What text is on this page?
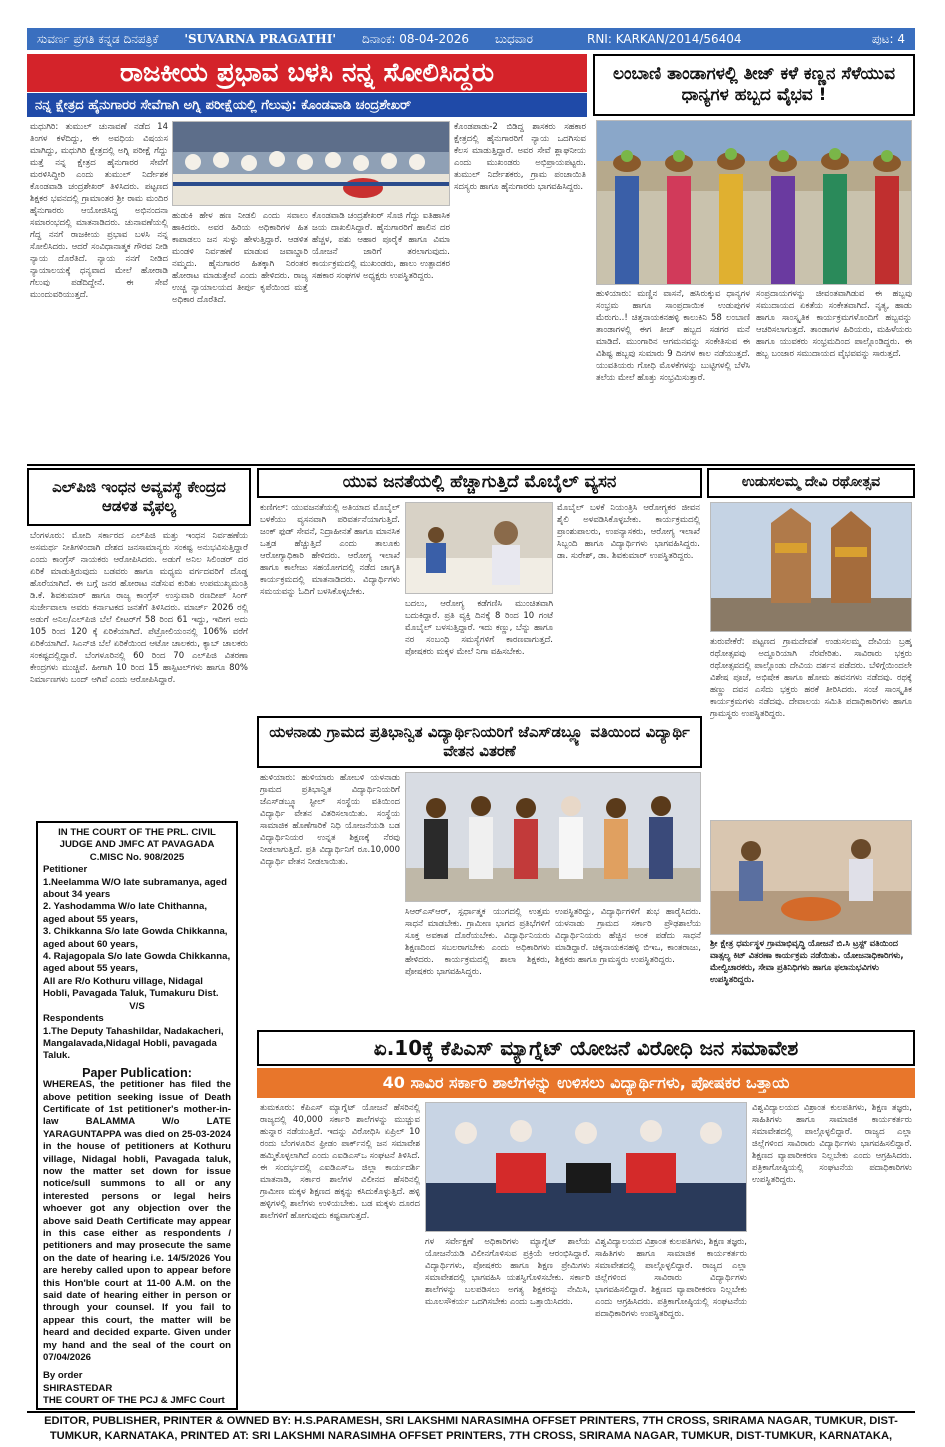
ಸುವರ್ಣ ಪ್ರಗತಿ ಕನ್ನಡ ದಿನಪತ್ರಿಕೆ 'SUVARNA PRAGATHI' ದಿನಾಂಕ: 08-04-2026 ಬುಧವಾರ	RNI: KARKAN/2014/56404	ಪುಟ: 4
ರಾಜಕೀಯ ಪ್ರಭಾವ ಬಳಸಿ ನನ್ನ ಸೋಲಿಸಿದ್ದರು
ನನ್ನ ಕ್ಷೇತ್ರದ ಹೈನುಗಾರರ ಸೇವೆಗಾಗಿ ಅಗ್ನಿ ಪರೀಕ್ಷೆಯಲ್ಲಿ ಗೆಲುವು: ಕೊಂಡವಾಡಿ ಚಂದ್ರಶೇಖರ್
ಮಧುಗಿರಿ: ತುಮುಲ್ ಚುನಾವಣೆ ನಡೆದ 14 ತಿಂಗಳ ಕಳೆದಿದ್ದು, ಈ ಅವಧಿಯ ವಿಷಯಸ ಮಾಗಿದ್ದು, ಮಧುಗಿರಿ ಕ್ಷೇತ್ರದಲ್ಲಿ ಅಗ್ನಿ ಪರೀಕ್ಷೆ ಗೆದ್ದು ಮತ್ತೆ ನನ್ನ ಕ್ಷೇತ್ರದ ಹೈನುಗಾರರ ಸೇವೆಗೆ ಮರಳಿಸಿದ್ದೀರಿ ಎಂದು ತುಮುಲ್ ನಿರ್ದೇಶಕ ಕೊಂಡವಾಡಿ ಚಂದ್ರಶೇಖರ್ ತಿಳಿಸಿದರು. ಪಟ್ಟಣದ ಶಿಕ್ಷಕರ ಭವನದಲ್ಲಿ ಗ್ರಾಮಾಂತರ ಶ್ರೀ ರಾಮ ಮಂದಿರ ಹೈನುಗಾರರು ಆಯೋಜಿಸಿದ್ದ ಅಭಿನಂದನಾ ಸಮಾರಂಭದಲ್ಲಿ ಮಾತನಾಡಿದರು. ಚುನಾವಣೆಯಲ್ಲಿ ಗೆದ್ದ ನನಗೆ ರಾಜಕೀಯ ಪ್ರಭಾವ ಬಳಸಿ ನನ್ನ ಸೋಲಿಸಿದರು. ಆದರೆ ಸಂವಿಧಾನಾತ್ಮಕ ಗೌರವ ನೀಡಿ ನ್ಯಾಯ ದೊರೆತಿದೆ. ನ್ಯಾಯ ನನಗೆ ನೀಡಿದ ನ್ಯಾಯಾಲಯಕ್ಕೆ ಧನ್ಯವಾದ ಮೇಲೆ ಹೋರಾಡಿ ಗೆಲುವು ಪಡೆದಿದ್ದೇನೆ. ಈ ಸೇವೆ ಮುಂದುವರಿಯುತ್ತದೆ.
ಹುಡುಕಿ ಹೇಳ ಹಣ ನೀಡಲಿ ಎಂದು ಸವಾಲು ಹಾಕಿದರು. ಅವರ ಹಿರಿಯ ಅಧಿಕಾರಿಗಳ ಹಿತ ಕಾಪಾಡಲು ಜನ ಸುಳ್ಳು ಹೇಳುತ್ತಿದ್ದಾರೆ. ಆಡಳಿತ ಮಂಡಳಿ ನಿರ್ವಹಣೆ ಮಾಡುವ ಜವಾಬ್ದಾರಿ ನಮ್ಮದು. ಹೈನುಗಾರರ ಹಿತಕ್ಕಾಗಿ ನಿರಂತರ ಹೋರಾಟ ಮಾಡುತ್ತೇವೆ ಎಂದು ಹೇಳಿದರು. ರಾಜ್ಯ ಉಚ್ಚ ನ್ಯಾಯಾಲಯದ ತೀರ್ಪು ಕೃಪೆಯಿಂದ ಮತ್ತೆ ಅಧಿಕಾರ ದೊರೆತಿದೆ.
ಕೊಂಡವಾಡಿ ಚಂದ್ರಶೇಖರ್ ಸೊಜಿ ಗೆದ್ದು ಐತಿಹಾಸಿಕ ಜಯ ದಾಖಲಿಸಿದ್ದಾರೆ. ಹೈನುಗಾರರಿಗೆ ಹಾಲಿನ ದರ ಹೆಚ್ಚಳ, ಪಶು ಆಹಾರ ಪೂರೈಕೆ ಹಾಗೂ ವಿಮಾ ಯೋಜನೆ ಜಾರಿಗೆ ತರಲಾಗುವುದು. ಕಾರ್ಯಕ್ರಮದಲ್ಲಿ ಮುಖಂಡರು, ಹಾಲು ಉತ್ಪಾದಕರ ಸಹಕಾರ ಸಂಘಗಳ ಅಧ್ಯಕ್ಷರು ಉಪಸ್ಥಿತರಿದ್ದರು.
ಕೊಂಡಪಾಡು-2 ಬಿಡಿದ್ದ ಶಾಸಕರು ಸಹಕಾರ ಕ್ಷೇತ್ರದಲ್ಲಿ ಹೈನುಗಾರರಿಗೆ ನ್ಯಾಯ ಒದಗಿಸುವ ಕೆಲಸ ಮಾಡುತ್ತಿದ್ದಾರೆ. ಅವರ ಸೇವೆ ಶ್ಲಾಘನೀಯ ಎಂದು ಮುಖಂಡರು ಅಭಿಪ್ರಾಯಪಟ್ಟರು. ತುಮುಲ್ ನಿರ್ದೇಶಕರು, ಗ್ರಾಮ ಪಂಚಾಯಿತಿ ಸದಸ್ಯರು ಹಾಗೂ ಹೈನುಗಾರರು ಭಾಗವಹಿಸಿದ್ದರು.
ಲಂಬಾಣಿ ತಾಂಡಾಗಳಲ್ಲಿ ತೀಜ್ ಕಳೆ ಕಣ್ಣನ ಸೆಳೆಯುವ ಧಾನ್ಯಗಳ ಹಬ್ಬದ ವೈಭವ !
ಹುಳಿಯಾರು: ಮಣ್ಣಿನ ವಾಸನೆ, ಹಸಿರುಕ್ಕುವ ಧಾನ್ಯಗಳ ಸಂಭ್ರಮ ಹಾಗೂ ಸಾಂಪ್ರದಾಯಿಕ ಉಡುಪುಗಳ ಮೆರುಗು..! ಚಿತ್ತನಾಯಕನಹಳ್ಳಿ ಕಾಲುಕಿನಿ 58 ಲಂಬಾಣಿ ತಾಂಡಾಗಳಲ್ಲಿ ಈಗ ತೀಜ್ ಹಬ್ಬದ ಸಡಗರ ಮನೆ ಮಾಡಿದೆ. ಮುಂಗಾರಿನ ಆಗಮನವನ್ನು ಸಂಕೇತಿಸುವ ಈ ವಿಶಿಷ್ಟ ಹಬ್ಬವು ಸುಮಾರು 9 ದಿನಗಳ ಕಾಲ ನಡೆಯುತ್ತದೆ. ಯುವತಿಯರು ಗೋಧಿ ಮೊಳಕೆಗಳನ್ನು ಬುಟ್ಟಿಗಳಲ್ಲಿ ಬೆಳೆಸಿ ತಲೆಯ ಮೇಲೆ ಹೊತ್ತು ಸಂಭ್ರಮಿಸುತ್ತಾರೆ.
ಸಂಪ್ರದಾಯಗಳನ್ನು ಜೀವಂತವಾಗಿಡುವ ಈ ಹಬ್ಬವು ಸಮುದಾಯದ ಏಕತೆಯ ಸಂಕೇತವಾಗಿದೆ. ನೃತ್ಯ, ಹಾಡು ಹಾಗೂ ಸಾಂಸ್ಕೃತಿಕ ಕಾರ್ಯಕ್ರಮಗಳೊಂದಿಗೆ ಹಬ್ಬವನ್ನು ಆಚರಿಸಲಾಗುತ್ತದೆ. ತಾಂಡಾಗಳ ಹಿರಿಯರು, ಮಹಿಳೆಯರು ಹಾಗೂ ಯುವಕರು ಸಂಭ್ರಮದಿಂದ ಪಾಲ್ಗೊಂಡಿದ್ದರು. ಈ ಹಬ್ಬ ಬಂಜಾರ ಸಮುದಾಯದ ವೈಭವವನ್ನು ಸಾರುತ್ತದೆ.
ಎಲ್‌ಪಿಜಿ ಇಂಧನ ಅವ್ಯವಸ್ಥೆ ಕೇಂದ್ರದ ಆಡಳಿತ ವೈಫಲ್ಯ
ಬೆಂಗಳೂರು: ಮೋದಿ ಸರ್ಕಾರದ ಎಲ್‌ಪಿಜಿ ಮತ್ತು ಇಂಧನ ನಿರ್ವಹಣೆಯ ಅಸಮರ್ಥ ನೀತಿಗಳಿಂದಾಗಿ ದೇಶದ ಜನಸಾಮಾನ್ಯರು ಸಂಕಷ್ಟ ಅನುಭವಿಸುತ್ತಿದ್ದಾರೆ ಎಂದು ಕಾಂಗ್ರೆಸ್ ನಾಯಕರು ಆರೋಪಿಸಿದರು. ಅಡುಗೆ ಅನಿಲ ಸಿಲಿಂಡರ್ ದರ ಏರಿಕೆ ಮಾಡುತ್ತಿರುವುದು ಬಡವರು ಹಾಗೂ ಮಧ್ಯಮ ವರ್ಗದವರಿಗೆ ದೊಡ್ಡ ಹೊರೆಯಾಗಿದೆ. ಈ ಬಗ್ಗೆ ಜನರ ಹೋರಾಟ ನಡೆಸುವ ಕುರಿತು ಉಪಮುಖ್ಯಮಂತ್ರಿ ಡಿ.ಕೆ. ಶಿವಕುಮಾರ್ ಹಾಗೂ ರಾಜ್ಯ ಕಾಂಗ್ರೆಸ್ ಉಸ್ತುವಾರಿ ರಣದೀಪ್ ಸಿಂಗ್ ಸುರ್ಜೇವಾಲಾ ಅವರು ಕರ್ನಾಟಕದ ಜನತೆಗೆ ತಿಳಿಸಿದರು. ಮಾರ್ಚ್ 2026 ರಲ್ಲಿ ಅಡುಗೆ ಅನಿಲ/ಎಲ್‌ಪಿಜಿ ಬೆಲೆ ಲೀಟರ್‌ಗೆ 58 ರಿಂದ 61 ಇದ್ದು, ಇದೀಗ ಅದು 105 ರಿಂದ 120 ಕ್ಕೆ ಏರಿಕೆಯಾಗಿದೆ. ಪೆಟ್ರೋಲಿಯಂನಲ್ಲಿ 106% ವರೆಗೆ ಏರಿಕೆಯಾಗಿದೆ. ಸಿಎನ್‌ಜಿ ಬೆಲೆ ಏರಿಕೆಯಿಂದ ಆಟೋ ಚಾಲಕರು, ಕ್ಯಾಬ್ ಚಾಲಕರು ಸಂಕಷ್ಟದಲ್ಲಿದ್ದಾರೆ. ಬೆಂಗಳೂರಿನಲ್ಲಿ 60 ರಿಂದ 70 ಎಲ್‌ಪಿಜಿ ವಿತರಣಾ ಕೇಂದ್ರಗಳು ಮುಚ್ಚಿವೆ. ಹೀಗಾಗಿ 10 ರಿಂದ 15 ಹಾಸ್ಪಿಟಲ್‌ಗಳು ಹಾಗೂ 80% ನಿರ್ಮಾಣಗಳು ಬಂದ್ ಆಗಿವೆ ಎಂದು ಆರೋಪಿಸಿದ್ದಾರೆ.

IN THE COURT OF THE PRL. CIVIL JUDGE AND JMFC AT PAVAGADA

C.MISC No. 908/2025

Petitioner

1.Neelamma W/O late subramanya, aged about 34 years

2. Yashodamma W/o late Chithanna, aged about 55 years,

3. Chikkanna S/o late Gowda Chikkanna, aged about 60 years,

4. Rajagopala S/o late Gowda Chikkanna, aged about 55 years,

All are R/o Kothuru village, Nidagal Hobli, Pavagada Taluk, Tumakuru Dist.

V/S

Respondents

1.The Deputy Tahashildar, Nadakacheri, Mangalavada,Nidagal Hobli, pavagada Taluk.

Paper Publication:

WHEREAS, the petitioner has filed the above petition seeking issue of Death Certificate of 1st petitioner's mother-in-law BALAMMA W/o LATE YARAGUNTAPPA was died on 25-03-2024 in the house of petitioners at Kothuru village, Nidagal hobli, Pavagada taluk, now the matter set down for issue notice/sull summons to all or any interested persons or legal heirs whoever got any objection over the above said Death Certificate may appear in this case either as respondents / petitioners and may prosecute the same on the date of hearing i.e. 14/5/2026 You are hereby called upon to appear before this Hon'ble court at 11-00 A.M. on the said date of hearing either in person or through your counsel. If you fail to appear this court, the matter will be heard and decided exparte. Given under my hand and the seal of the court on 07/04/2026

By order

SHIRASTEDAR

THE COURT OF THE PCJ & JMFC Court

ಯುವ ಜನತೆಯಲ್ಲಿ ಹೆಚ್ಚಾಗುತ್ತಿದೆ ಮೊಬೈಲ್ ವ್ಯಸನ
ಕುಣಿಗಲ್: ಯುವಜನತೆಯಲ್ಲಿ ಅತಿಯಾದ ಮೊಬೈಲ್ ಬಳಕೆಯು ವ್ಯಸನವಾಗಿ ಪರಿವರ್ತನೆಯಾಗುತ್ತಿದೆ. ಜಂಕ್ ಫುಡ್ ಸೇವನೆ, ನಿದ್ರಾಹೀನತೆ ಹಾಗೂ ಮಾನಸಿಕ ಒತ್ತಡ ಹೆಚ್ಚುತ್ತಿದೆ ಎಂದು ತಾಲೂಕು ಆರೋಗ್ಯಾಧಿಕಾರಿ ಹೇಳಿದರು. ಆರೋಗ್ಯ ಇಲಾಖೆ ಹಾಗೂ ಕಾಲೇಜು ಸಹಯೋಗದಲ್ಲಿ ನಡೆದ ಜಾಗೃತಿ ಕಾರ್ಯಕ್ರಮದಲ್ಲಿ ಮಾತನಾಡಿದರು. ವಿದ್ಯಾರ್ಥಿಗಳು ಸಮಯವನ್ನು ಓದಿಗೆ ಬಳಸಿಕೊಳ್ಳಬೇಕು.
ಬದಲು, ಆರೋಗ್ಯ ಕಡೆಗಣಿಸಿ ಮುಂಚಿತವಾಗಿ ಬದುಕಿದ್ದಾರೆ. ಪ್ರತಿ ವ್ಯಕ್ತಿ ದಿನಕ್ಕೆ 8 ರಿಂದ 10 ಗಂಟೆ ಮೊಬೈಲ್ ಬಳಸುತ್ತಿದ್ದಾರೆ. ಇದು ಕಣ್ಣು, ಬೆನ್ನು ಹಾಗೂ ನರ ಸಂಬಂಧಿ ಸಮಸ್ಯೆಗಳಿಗೆ ಕಾರಣವಾಗುತ್ತದೆ. ಪೋಷಕರು ಮಕ್ಕಳ ಮೇಲೆ ನಿಗಾ ವಹಿಸಬೇಕು.
ಮೊಬೈಲ್ ಬಳಕೆ ನಿಯಂತ್ರಿಸಿ ಆರೋಗ್ಯಕರ ಜೀವನ ಶೈಲಿ ಅಳವಡಿಸಿಕೊಳ್ಳಬೇಕು. ಕಾರ್ಯಕ್ರಮದಲ್ಲಿ ಪ್ರಾಂಶುಪಾಲರು, ಉಪನ್ಯಾಸಕರು, ಆರೋಗ್ಯ ಇಲಾಖೆ ಸಿಬ್ಬಂದಿ ಹಾಗೂ ವಿದ್ಯಾರ್ಥಿಗಳು ಭಾಗವಹಿಸಿದ್ದರು. ಡಾ. ಸುರೇಶ್, ಡಾ. ಶಿವಕುಮಾರ್ ಉಪಸ್ಥಿತರಿದ್ದರು.
ಉಡುಸಲಮ್ಮ ದೇವಿ ರಥೋತ್ಸವ
ತುರುವೇಕೆರೆ: ಪಟ್ಟಣದ ಗ್ರಾಮದೇವತೆ ಉಡುಸಲಮ್ಮ ದೇವಿಯ ಬ್ರಹ್ಮ ರಥೋತ್ಸವವು ಅದ್ದೂರಿಯಾಗಿ ನೆರವೇರಿತು. ಸಾವಿರಾರು ಭಕ್ತರು ರಥೋತ್ಸವದಲ್ಲಿ ಪಾಲ್ಗೊಂಡು ದೇವಿಯ ದರ್ಶನ ಪಡೆದರು. ಬೆಳಿಗ್ಗೆಯಿಂದಲೇ ವಿಶೇಷ ಪೂಜೆ, ಅಭಿಷೇಕ ಹಾಗೂ ಹೋಮ ಹವನಗಳು ನಡೆದವು. ರಥಕ್ಕೆ ಹಣ್ಣು ದವನ ಎಸೆದು ಭಕ್ತರು ಹರಕೆ ತೀರಿಸಿದರು. ಸಂಜೆ ಸಾಂಸ್ಕೃತಿಕ ಕಾರ್ಯಕ್ರಮಗಳು ನಡೆದವು. ದೇವಾಲಯ ಸಮಿತಿ ಪದಾಧಿಕಾರಿಗಳು ಹಾಗೂ ಗ್ರಾಮಸ್ಥರು ಉಪಸ್ಥಿತರಿದ್ದರು.
ಶ್ರೀ ಕ್ಷೇತ್ರ ಧರ್ಮಸ್ಥಳ ಗ್ರಾಮಾಭಿವೃದ್ಧಿ ಯೋಜನೆ ಬಿ.ಸಿ ಟ್ರಸ್ಟ್ ವತಿಯಿಂದ ವಾತ್ಸಲ್ಯ ಕಿಟ್ ವಿತರಣಾ ಕಾರ್ಯಕ್ರಮ ನಡೆಯಿತು. ಯೋಜನಾಧಿಕಾರಿಗಳು, ಮೇಲ್ವಿಚಾರಕರು, ಸೇವಾ ಪ್ರತಿನಿಧಿಗಳು ಹಾಗೂ ಫಲಾನುಭವಿಗಳು ಉಪಸ್ಥಿತರಿದ್ದರು.
ಯಳನಾಡು ಗ್ರಾಮದ ಪ್ರತಿಭಾನ್ವಿತ ವಿದ್ಯಾರ್ಥಿನಿಯರಿಗೆ ಜೆಎಸ್‌ಡಬ್ಲ್ಯೂ ವತಿಯಿಂದ ವಿದ್ಯಾರ್ಥಿ ವೇತನ ವಿತರಣೆ
ಹುಳಿಯಾರು: ಹುಳಿಯಾರು ಹೋಬಳಿ ಯಳನಾಡು ಗ್ರಾಮದ ಪ್ರತಿಭಾನ್ವಿತ ವಿದ್ಯಾರ್ಥಿನಿಯರಿಗೆ ಜೆಎಸ್‌ಡಬ್ಲ್ಯೂ ಸ್ಟೀಲ್ ಸಂಸ್ಥೆಯ ವತಿಯಿಂದ ವಿದ್ಯಾರ್ಥಿ ವೇತನ ವಿತರಿಸಲಾಯಿತು. ಸಂಸ್ಥೆಯ ಸಾಮಾಜಿಕ ಹೊಣೆಗಾರಿಕೆ ನಿಧಿ ಯೋಜನೆಯಡಿ ಬಡ ವಿದ್ಯಾರ್ಥಿನಿಯರ ಉನ್ನತ ಶಿಕ್ಷಣಕ್ಕೆ ನೆರವು ನೀಡಲಾಗುತ್ತಿದೆ. ಪ್ರತಿ ವಿದ್ಯಾರ್ಥಿನಿಗೆ ರೂ.10,000 ವಿದ್ಯಾರ್ಥಿ ವೇತನ ನೀಡಲಾಯಿತು.
ಸಿಆರ್‌ಎಸ್‌ಆರ್, ಸ್ಪರ್ಧಾತ್ಮಕ ಯುಗದಲ್ಲಿ ಉತ್ತಮ ಸಾಧನೆ ಮಾಡಬೇಕು. ಗ್ರಾಮೀಣ ಭಾಗದ ಪ್ರತಿಭೆಗಳಿಗೆ ಸೂಕ್ತ ಅವಕಾಶ ದೊರೆಯಬೇಕು. ವಿದ್ಯಾರ್ಥಿನಿಯರು ಶಿಕ್ಷಣದಿಂದ ಸಬಲರಾಗಬೇಕು ಎಂದು ಅಧಿಕಾರಿಗಳು ಹೇಳಿದರು. ಕಾರ್ಯಕ್ರಮದಲ್ಲಿ ಶಾಲಾ ಶಿಕ್ಷಕರು, ಪೋಷಕರು ಭಾಗವಹಿಸಿದ್ದರು.
ಉಪಸ್ಥಿತರಿದ್ದು, ವಿದ್ಯಾರ್ಥಿಗಳಿಗೆ ಶುಭ ಹಾರೈಸಿದರು. ಯಳನಾಡು ಗ್ರಾಮದ ಸರ್ಕಾರಿ ಪ್ರೌಢಶಾಲೆಯ ವಿದ್ಯಾರ್ಥಿನಿಯರು ಹೆಚ್ಚಿನ ಅಂಕ ಪಡೆದು ಸಾಧನೆ ಮಾಡಿದ್ದಾರೆ. ಚಿಕ್ಕನಾಯಕನಹಳ್ಳಿ ಬಿಇಒ, ಕಾಂತರಾಜು, ಶಿಕ್ಷಕರು ಹಾಗೂ ಗ್ರಾಮಸ್ಥರು ಉಪಸ್ಥಿತರಿದ್ದರು.
ಏ.10ಕ್ಕೆ ಕೆಪಿಎಸ್ ಮ್ಯಾಗ್ನೆಟ್ ಯೋಜನೆ ವಿರೋಧಿ ಜನ ಸಮಾವೇಶ
40 ಸಾವಿರ ಸರ್ಕಾರಿ ಶಾಲೆಗಳನ್ನು ಉಳಿಸಲು ವಿದ್ಯಾರ್ಥಿಗಳು, ಪೋಷಕರ ಒತ್ತಾಯ
ತುಮಕೂರು: ಕೆಪಿಎಸ್ ಮ್ಯಾಗ್ನೆಟ್ ಯೋಜನೆ ಹೆಸರಿನಲ್ಲಿ ರಾಜ್ಯದಲ್ಲಿ 40,000 ಸರ್ಕಾರಿ ಶಾಲೆಗಳನ್ನು ಮುಚ್ಚುವ ಹುನ್ನಾರ ನಡೆಯುತ್ತಿದೆ. ಇದನ್ನು ವಿರೋಧಿಸಿ ಏಪ್ರಿಲ್ 10 ರಂದು ಬೆಂಗಳೂರಿನ ಫ್ರೀಡಂ ಪಾರ್ಕ್‌ನಲ್ಲಿ ಜನ ಸಮಾವೇಶ ಹಮ್ಮಿಕೊಳ್ಳಲಾಗಿದೆ ಎಂದು ಎಐಡಿಎಸ್‌ಒ ಸಂಘಟನೆ ತಿಳಿಸಿದೆ. ಈ ಸಂದರ್ಭದಲ್ಲಿ ಎಐಡಿಎಸ್‌ಒ ಜಿಲ್ಲಾ ಕಾರ್ಯದರ್ಶಿ ಮಾತನಾಡಿ, ಸರ್ಕಾರ ಶಾಲೆಗಳ ವಿಲೀನದ ಹೆಸರಿನಲ್ಲಿ ಗ್ರಾಮೀಣ ಮಕ್ಕಳ ಶಿಕ್ಷಣದ ಹಕ್ಕನ್ನು ಕಸಿದುಕೊಳ್ಳುತ್ತಿದೆ. ಹಳ್ಳಿ ಹಳ್ಳಿಗಳಲ್ಲಿ ಶಾಲೆಗಳು ಉಳಿಯಬೇಕು. ಬಡ ಮಕ್ಕಳು ದೂರದ ಶಾಲೆಗಳಿಗೆ ಹೋಗುವುದು ಕಷ್ಟವಾಗುತ್ತದೆ.
ಗಳ ಸರ್ವೇಕ್ಷಣೆ ಅಧಿಕಾರಿಗಳು ಮ್ಯಾಗ್ನೆಟ್ ಶಾಲೆಯ ಯೋಜನೆಯಡಿ ವಿಲೀನಗೊಳಿಸುವ ಪ್ರಕ್ರಿಯೆ ಆರಂಭಿಸಿದ್ದಾರೆ. ವಿದ್ಯಾರ್ಥಿಗಳು, ಪೋಷಕರು ಹಾಗೂ ಶಿಕ್ಷಣ ಪ್ರೇಮಿಗಳು ಸಮಾವೇಶದಲ್ಲಿ ಭಾಗವಹಿಸಿ ಯಶಸ್ವಿಗೊಳಿಸಬೇಕು. ಸರ್ಕಾರಿ ಶಾಲೆಗಳನ್ನು ಬಲಪಡಿಸಲು ಅಗತ್ಯ ಶಿಕ್ಷಕರನ್ನು ನೇಮಿಸಿ, ಮೂಲಸೌಕರ್ಯ ಒದಗಿಸಬೇಕು ಎಂದು ಒತ್ತಾಯಿಸಿದರು.
ವಿಶ್ವವಿದ್ಯಾಲಯದ ವಿಶ್ರಾಂತ ಕುಲಪತಿಗಳು, ಶಿಕ್ಷಣ ತಜ್ಞರು, ಸಾಹಿತಿಗಳು ಹಾಗೂ ಸಾಮಾಜಿಕ ಕಾರ್ಯಕರ್ತರು ಸಮಾವೇಶದಲ್ಲಿ ಪಾಲ್ಗೊಳ್ಳಲಿದ್ದಾರೆ. ರಾಜ್ಯದ ಎಲ್ಲಾ ಜಿಲ್ಲೆಗಳಿಂದ ಸಾವಿರಾರು ವಿದ್ಯಾರ್ಥಿಗಳು ಭಾಗವಹಿಸಲಿದ್ದಾರೆ. ಶಿಕ್ಷಣದ ವ್ಯಾಪಾರೀಕರಣ ನಿಲ್ಲಬೇಕು ಎಂದು ಆಗ್ರಹಿಸಿದರು. ಪತ್ರಿಕಾಗೋಷ್ಠಿಯಲ್ಲಿ ಸಂಘಟನೆಯ ಪದಾಧಿಕಾರಿಗಳು ಉಪಸ್ಥಿತರಿದ್ದರು.
ವಿಶ್ವವಿದ್ಯಾಲಯದ ವಿಶ್ರಾಂತ ಕುಲಪತಿಗಳು, ಶಿಕ್ಷಣ ತಜ್ಞರು, ಸಾಹಿತಿಗಳು ಹಾಗೂ ಸಾಮಾಜಿಕ ಕಾರ್ಯಕರ್ತರು ಸಮಾವೇಶದಲ್ಲಿ ಪಾಲ್ಗೊಳ್ಳಲಿದ್ದಾರೆ. ರಾಜ್ಯದ ಎಲ್ಲಾ ಜಿಲ್ಲೆಗಳಿಂದ ಸಾವಿರಾರು ವಿದ್ಯಾರ್ಥಿಗಳು ಭಾಗವಹಿಸಲಿದ್ದಾರೆ. ಶಿಕ್ಷಣದ ವ್ಯಾಪಾರೀಕರಣ ನಿಲ್ಲಬೇಕು ಎಂದು ಆಗ್ರಹಿಸಿದರು. ಪತ್ರಿಕಾಗೋಷ್ಠಿಯಲ್ಲಿ ಸಂಘಟನೆಯ ಪದಾಧಿಕಾರಿಗಳು ಉಪಸ್ಥಿತರಿದ್ದರು.
EDITOR, PUBLISHER, PRINTER & OWNED BY: H.S.PARAMESH, SRI LAKSHMI NARASIMHA OFFSET PRINTERS, 7TH CROSS, SRIRAMA NAGAR, TUMKUR, DIST-TUMKUR, KARNATAKA, PRINTED AT: SRI LAKSHMI NARASIMHA OFFSET PRINTERS, 7TH CROSS, SRIRAMA NAGAR, TUMKUR, DIST-TUMKUR, KARNATAKA,
